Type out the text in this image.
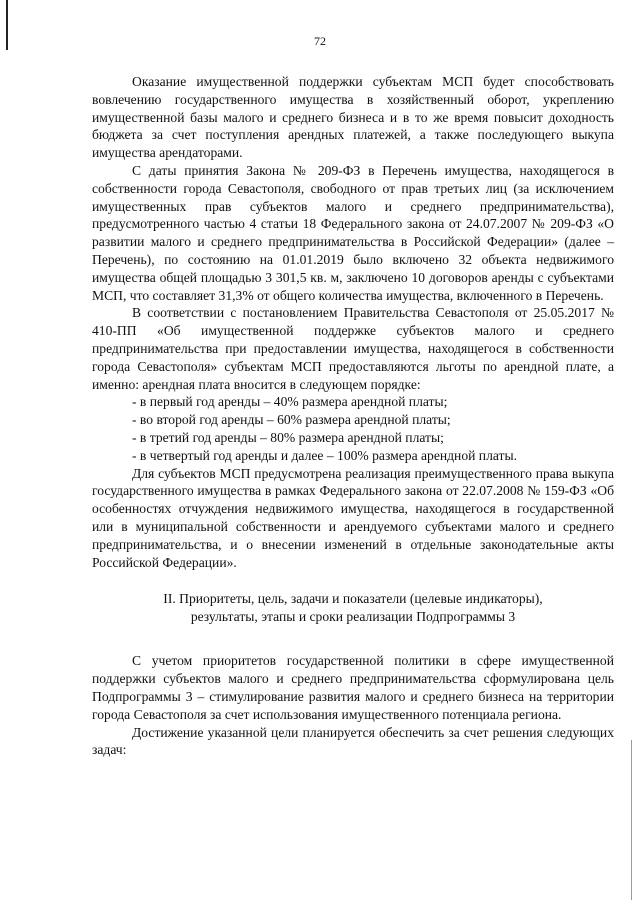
72

Оказание имущественной поддержки субъектам МСП будет способствовать вовлечению государственного имущества в хозяйственный оборот, укреплению имущественной базы малого и среднего бизнеса и в то же время повысит доходность бюджета за счет поступления арендных платежей, а также последующего выкупа имущества арендаторами.

С даты принятия Закона № 209-ФЗ в Перечень имущества, находящегося в собственности города Севастополя, свободного от прав третьих лиц (за исключением имущественных прав субъектов малого и среднего предпринимательства), предусмотренного частью 4 статьи 18 Федерального закона от 24.07.2007 № 209-ФЗ «О развитии малого и среднего предпринимательства в Российской Федерации» (далее – Перечень), по состоянию на 01.01.2019 было включено 32 объекта недвижимого имущества общей площадью 3 301,5 кв. м, заключено 10 договоров аренды с субъектами МСП, что составляет 31,3% от общего количества имущества, включенного в Перечень.

В соответствии с постановлением Правительства Севастополя от 25.05.2017 № 410-ПП «Об имущественной поддержке субъектов малого и среднего предпринимательства при предоставлении имущества, находящегося в собственности города Севастополя» субъектам МСП предоставляются льготы по арендной плате, а именно: арендная плата вносится в следующем порядке:

- в первый год аренды – 40% размера арендной платы;

- во второй год аренды – 60% размера арендной платы;

- в третий год аренды – 80% размера арендной платы;

- в четвертый год аренды и далее – 100% размера арендной платы.

Для субъектов МСП предусмотрена реализация преимущественного права выкупа государственного имущества в рамках Федерального закона от 22.07.2008 № 159-ФЗ «Об особенностях отчуждения недвижимого имущества, находящегося в государственной или в муниципальной собственности и арендуемого субъектами малого и среднего предпринимательства, и о внесении изменений в отдельные законодательные акты Российской Федерации».

II. Приоритеты, цель, задачи и показатели (целевые индикаторы),
результаты, этапы и сроки реализации Подпрограммы 3

С учетом приоритетов государственной политики в сфере имущественной поддержки субъектов малого и среднего предпринимательства сформулирована цель Подпрограммы 3 – стимулирование развития малого и среднего бизнеса на территории города Севастополя за счет использования имущественного потенциала региона.

Достижение указанной цели планируется обеспечить за счет решения следующих задач:
